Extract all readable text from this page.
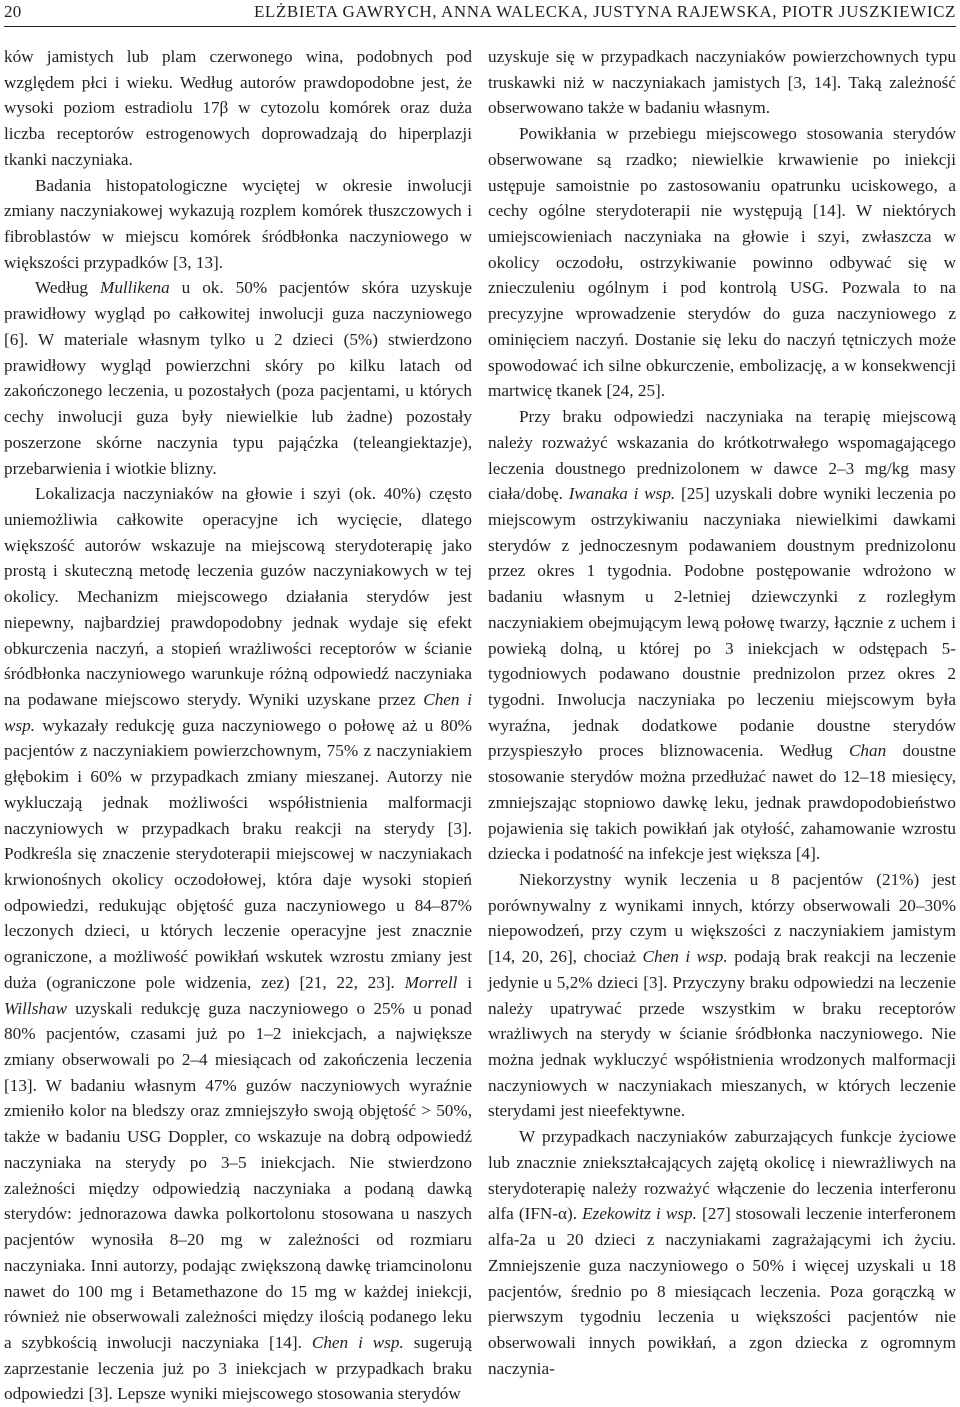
20	ELŻBIETA GAWRYCH, ANNA WALECKA, JUSTYNA RAJEWSKA, PIOTR JUSZKIEWICZ

ków jamistych lub plam czerwonego wina, podobnych pod względem płci i wieku. Według autorów prawdopodobne jest, że wysoki poziom estradiolu 17β w cytozolu komórek oraz duża liczba receptorów estrogenowych doprowadzają do hiperplazji tkanki naczyniaka.

Badania histopatologiczne wyciętej w okresie inwolucji zmiany naczyniakowej wykazują rozplem komórek tłuszczowych i fibroblastów w miejscu komórek śródbłonka naczyniowego w większości przypadków [3, 13].

Według Mullikena u ok. 50% pacjentów skóra uzyskuje prawidłowy wygląd po całkowitej inwolucji guza naczyniowego [6]. W materiale własnym tylko u 2 dzieci (5%) stwierdzono prawidłowy wygląd powierzchni skóry po kilku latach od zakończonego leczenia, u pozostałych (poza pacjentami, u których cechy inwolucji guza były niewielkie lub żadne) pozostały poszerzone skórne naczynia typu pająćzka (teleangiektazje), przebarwienia i wiotkie blizny.

Lokalizacja naczyniaków na głowie i szyi (ok. 40%) często uniemożliwia całkowite operacyjne ich wycięcie, dlatego większość autorów wskazuje na miejscową sterydoterapię jako prostą i skuteczną metodę leczenia guzów naczyniakowych w tej okolicy. Mechanizm miejscowego działania sterydów jest niepewny, najbardziej prawdopodobny jednak wydaje się efekt obkurczenia naczyń, a stopień wrażliwości receptorów w ścianie śródbłonka naczyniowego warunkuje różną odpowiedź naczyniaka na podawane miejscowo sterydy. Wyniki uzyskane przez Chen i wsp. wykazały redukcję guza naczyniowego o połowę aż u 80% pacjentów z naczyniakiem powierzchownym, 75% z naczyniakiem głębokim i 60% w przypadkach zmiany mieszanej. Autorzy nie wykluczają jednak możliwości współistnienia malformacji naczyniowych w przypadkach braku reakcji na sterydy [3]. Podkreśla się znaczenie sterydoterapii miejscowej w naczyniakach krwionośnych okolicy oczodołowej, która daje wysoki stopień odpowiedzi, redukując objętość guza naczyniowego u 84–87% leczonych dzieci, u których leczenie operacyjne jest znacznie ograniczone, a możliwość powikłań wskutek wzrostu zmiany jest duża (ograniczone pole widzenia, zez) [21, 22, 23]. Morrell i Willshaw uzyskali redukcję guza naczyniowego o 25% u ponad 80% pacjentów, czasami już po 1–2 iniekcjach, a największe zmiany obserwowali po 2–4 miesiącach od zakończenia leczenia [13]. W badaniu własnym 47% guzów naczyniowych wyraźnie zmieniło kolor na bledszy oraz zmniejszyło swoją objętość > 50%, także w badaniu USG Doppler, co wskazuje na dobrą odpowiedź naczyniaka na sterydy po 3–5 iniekcjach. Nie stwierdzono zależności między odpowiedzią naczyniaka a podaną dawką sterydów: jednorazowa dawka polkortolonu stosowana u naszych pacjentów wynosiła 8–20 mg w zależności od rozmiaru naczyniaka. Inni autorzy, podając zwiększoną dawkę triamcinolonu nawet do 100 mg i Betamethazone do 15 mg w każdej iniekcji, również nie obserwowali zależności między ilością podanego leku a szybkością inwolucji naczyniaka [14]. Chen i wsp. sugerują zaprzestanie leczenia już po 3 iniekcjach w przypadkach braku odpowiedzi [3]. Lepsze wyniki miejscowego stosowania sterydów

uzyskuje się w przypadkach naczyniaków powierzchownych typu truskawki niż w naczyniakach jamistych [3, 14]. Taką zależność obserwowano także w badaniu własnym.

Powikłania w przebiegu miejscowego stosowania sterydów obserwowane są rzadko; niewielkie krwawienie po iniekcji ustępuje samoistnie po zastosowaniu opatrunku uciskowego, a cechy ogólne sterydoterapii nie występują [14]. W niektórych umiejscowieniach naczyniaka na głowie i szyi, zwłaszcza w okolicy oczodołu, ostrzykiwanie powinno odbywać się w znieczuleniu ogólnym i pod kontrolą USG. Pozwala to na precyzyjne wprowadzenie sterydów do guza naczyniowego z ominięciem naczyń. Dostanie się leku do naczyń tętniczych może spowodować ich silne obkurczenie, embolizację, a w konsekwencji martwicę tkanek [24, 25].

Przy braku odpowiedzi naczyniaka na terapię miejscową należy rozważyć wskazania do krótkotrwałego wspomagającego leczenia doustnego prednizolonem w dawce 2–3 mg/kg masy ciała/dobę. Iwanaka i wsp. [25] uzyskali dobre wyniki leczenia po miejscowym ostrzykiwaniu naczyniaka niewielkimi dawkami sterydów z jednoczesnym podawaniem doustnym prednizolonu przez okres 1 tygodnia. Podobne postępowanie wdrożono w badaniu własnym u 2-letniej dziewczynki z rozległym naczyniakiem obejmującym lewą połowę twarzy, łącznie z uchem i powieką dolną, u której po 3 iniekcjach w odstępach 5-tygodniowych podawano doustnie prednizolon przez okres 2 tygodni. Inwolucja naczyniaka po leczeniu miejscowym była wyraźna, jednak dodatkowe podanie doustne sterydów przyspieszyło proces bliznowacenia. Według Chan doustne stosowanie sterydów można przedłużać nawet do 12–18 miesięcy, zmniejszając stopniowo dawkę leku, jednak prawdopodobieństwo pojawienia się takich powikłań jak otyłość, zahamowanie wzrostu dziecka i podatność na infekcje jest większa [4].

Niekorzystny wynik leczenia u 8 pacjentów (21%) jest porównywalny z wynikami innych, którzy obserwowali 20–30% niepowodzeń, przy czym u większości z naczyniakiem jamistym [14, 20, 26], chociaż Chen i wsp. podają brak reakcji na leczenie jedynie u 5,2% dzieci [3]. Przyczyny braku odpowiedzi na leczenie należy upatrywać przede wszystkim w braku receptorów wrażliwych na sterydy w ścianie śródbłonka naczyniowego. Nie można jednak wykluczyć współistnienia wrodzonych malformacji naczyniowych w naczyniakach mieszanych, w których leczenie sterydami jest nieefektywne.

W przypadkach naczyniaków zaburzających funkcje życiowe lub znacznie zniekształcających zajętą okolicę i niewrażliwych na sterydoterapię należy rozważyć włączenie do leczenia interferonu alfa (IFN-α). Ezekowitz i wsp. [27] stosowali leczenie interferonem alfa-2a u 20 dzieci z naczyniakami zagrażającymi ich życiu. Zmniejszenie guza naczyniowego o 50% i więcej uzyskali u 18 pacjentów, średnio po 8 miesiącach leczenia. Poza gorączką w pierwszym tygodniu leczenia u większości pacjentów nie obserwowali innych powikłań, a zgon dziecka z ogromnym naczynia-
